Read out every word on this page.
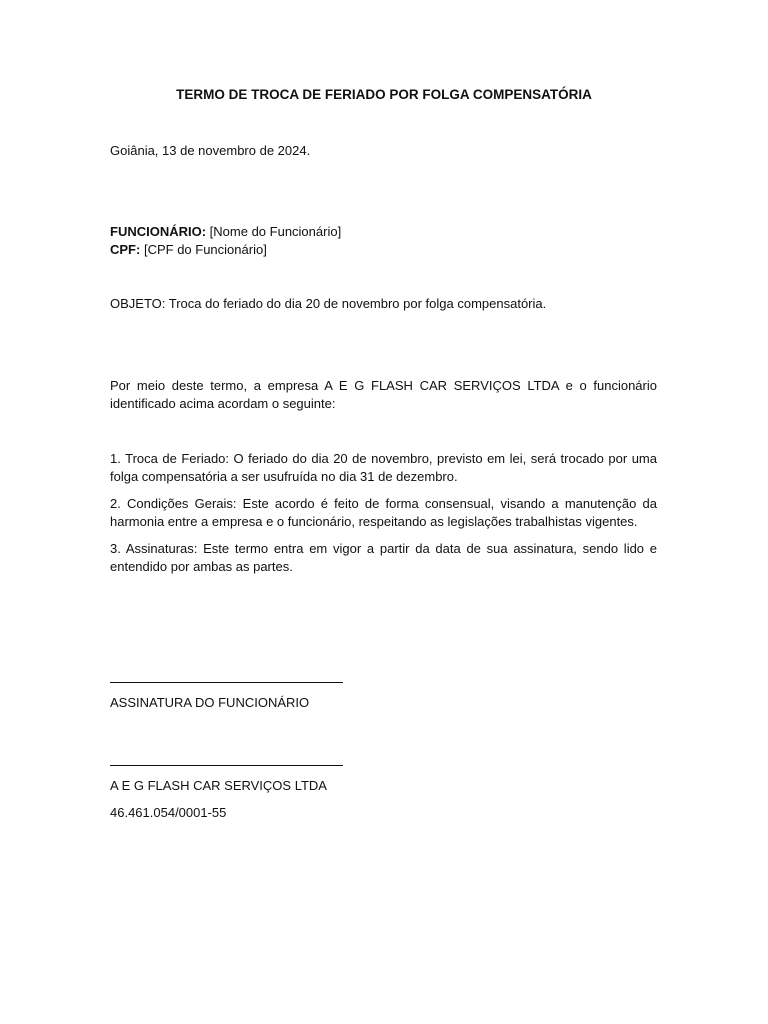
TERMO DE TROCA DE FERIADO POR FOLGA COMPENSATÓRIA
Goiânia, 13 de novembro de 2024.
FUNCIONÁRIO: [Nome do Funcionário]
CPF: [CPF do Funcionário]
OBJETO: Troca do feriado do dia 20 de novembro por folga compensatória.
Por meio deste termo, a empresa A E G FLASH CAR SERVIÇOS LTDA e o funcionário identificado acima acordam o seguinte:
1. Troca de Feriado: O feriado do dia 20 de novembro, previsto em lei, será trocado por uma folga compensatória a ser usufruída no dia 31 de dezembro.
2. Condições Gerais: Este acordo é feito de forma consensual, visando a manutenção da harmonia entre a empresa e o funcionário, respeitando as legislações trabalhistas vigentes.
3. Assinaturas: Este termo entra em vigor a partir da data de sua assinatura, sendo lido e entendido por ambas as partes.
ASSINATURA DO FUNCIONÁRIO
A E G FLASH CAR SERVIÇOS LTDA
46.461.054/0001-55
